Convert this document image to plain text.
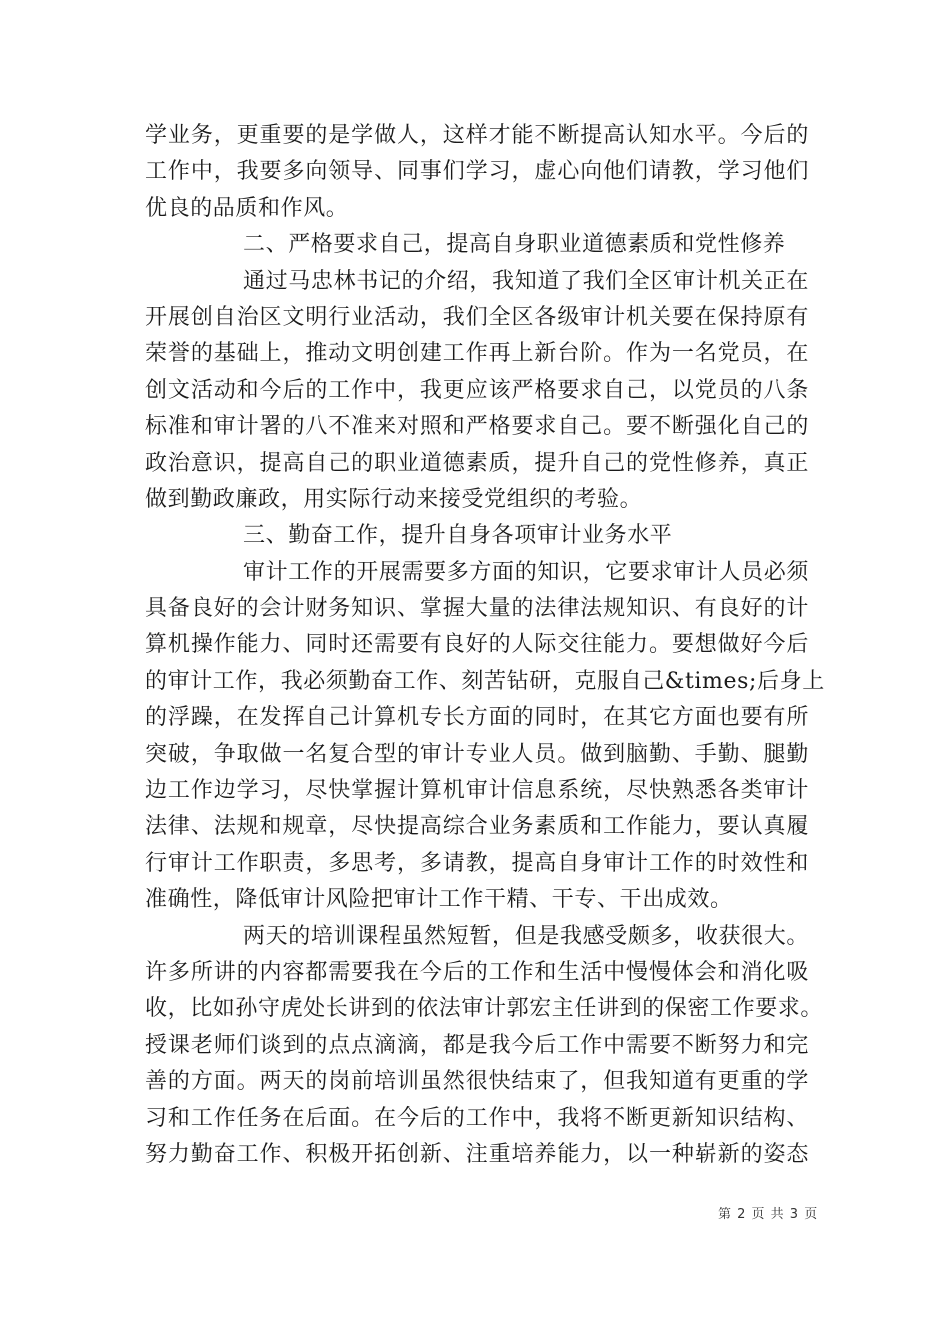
学业务，更重要的是学做人，这样才能不断提高认知水平。今后的
工作中，我要多向领导、同事们学习，虚心向他们请教，学习他们
优良的品质和作风。
二、严格要求自己，提高自身职业道德素质和党性修养
通过马忠林书记的介绍，我知道了我们全区审计机关正在
开展创自治区文明行业活动，我们全区各级审计机关要在保持原有
荣誉的基础上，推动文明创建工作再上新台阶。作为一名党员，在
创文活动和今后的工作中，我更应该严格要求自己，以党员的八条
标准和审计署的八不准来对照和严格要求自己。要不断强化自己的
政治意识，提高自己的职业道德素质，提升自己的党性修养，真正
做到勤政廉政，用实际行动来接受党组织的考验。
三、勤奋工作，提升自身各项审计业务水平
审计工作的开展需要多方面的知识，它要求审计人员必须
具备良好的会计财务知识、掌握大量的法律法规知识、有良好的计
算机操作能力、同时还需要有良好的人际交往能力。要想做好今后
的审计工作，我必须勤奋工作、刻苦钻研，克服自己&times;后身上
的浮躁，在发挥自己计算机专长方面的同时，在其它方面也要有所
突破，争取做一名复合型的审计专业人员。做到脑勤、手勤、腿勤
边工作边学习，尽快掌握计算机审计信息系统，尽快熟悉各类审计
法律、法规和规章，尽快提高综合业务素质和工作能力，要认真履
行审计工作职责，多思考，多请教，提高自身审计工作的时效性和
准确性，降低审计风险把审计工作干精、干专、干出成效。
两天的培训课程虽然短暂，但是我感受颇多，收获很大。
许多所讲的内容都需要我在今后的工作和生活中慢慢体会和消化吸
收，比如孙守虎处长讲到的依法审计郭宏主任讲到的保密工作要求。
授课老师们谈到的点点滴滴，都是我今后工作中需要不断努力和完
善的方面。两天的岗前培训虽然很快结束了，但我知道有更重的学
习和工作任务在后面。在今后的工作中，我将不断更新知识结构、
努力勤奋工作、积极开拓创新、注重培养能力，以一种崭新的姿态
第 2 页 共 3 页
